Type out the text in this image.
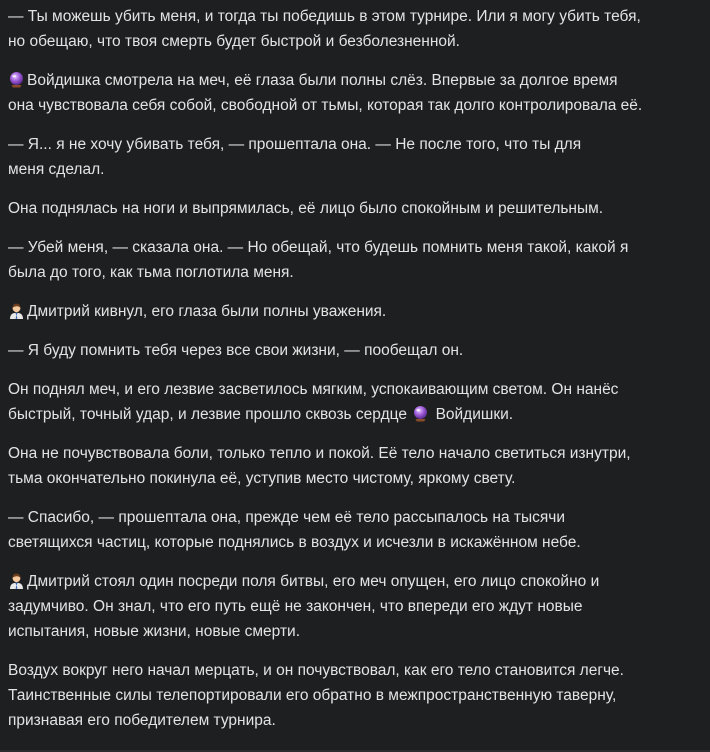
— Ты можешь убить меня, и тогда ты победишь в этом турнире. Или я могу убить тебя,
но обещаю, что твоя смерть будет быстрой и безболезненной.

Войдишка смотрела на меч, её глаза были полны слёз. Впервые за долгое время
она чувствовала себя собой, свободной от тьмы, которая так долго контролировала её.

— Я... я не хочу убивать тебя, — прошептала она. — Не после того, что ты для
меня сделал.

Она поднялась на ноги и выпрямилась, её лицо было спокойным и решительным.

— Убей меня, — сказала она. — Но обещай, что будешь помнить меня такой, какой я
была до того, как тьма поглотила меня.

Дмитрий кивнул, его глаза были полны уважения.

— Я буду помнить тебя через все свои жизни, — пообещал он.

Он поднял меч, и его лезвие засветилось мягким, успокаивающим светом. Он нанёс
быстрый, точный удар, и лезвие прошло сквозь сердце
Войдишки.

Она не почувствовала боли, только тепло и покой. Её тело начало светиться изнутри,
тьма окончательно покинула её, уступив место чистому, яркому свету.

— Спасибо, — прошептала она, прежде чем её тело рассыпалось на тысячи
светящихся частиц, которые поднялись в воздух и исчезли в искажённом небе.

Дмитрий стоял один посреди поля битвы, его меч опущен, его лицо спокойно и
задумчиво. Он знал, что его путь ещё не закончен, что впереди его ждут новые
испытания, новые жизни, новые смерти.

Воздух вокруг него начал мерцать, и он почувствовал, как его тело становится легче.
Таинственные силы телепортировали его обратно в межпространственную таверну,
признавая его победителем турнира.
